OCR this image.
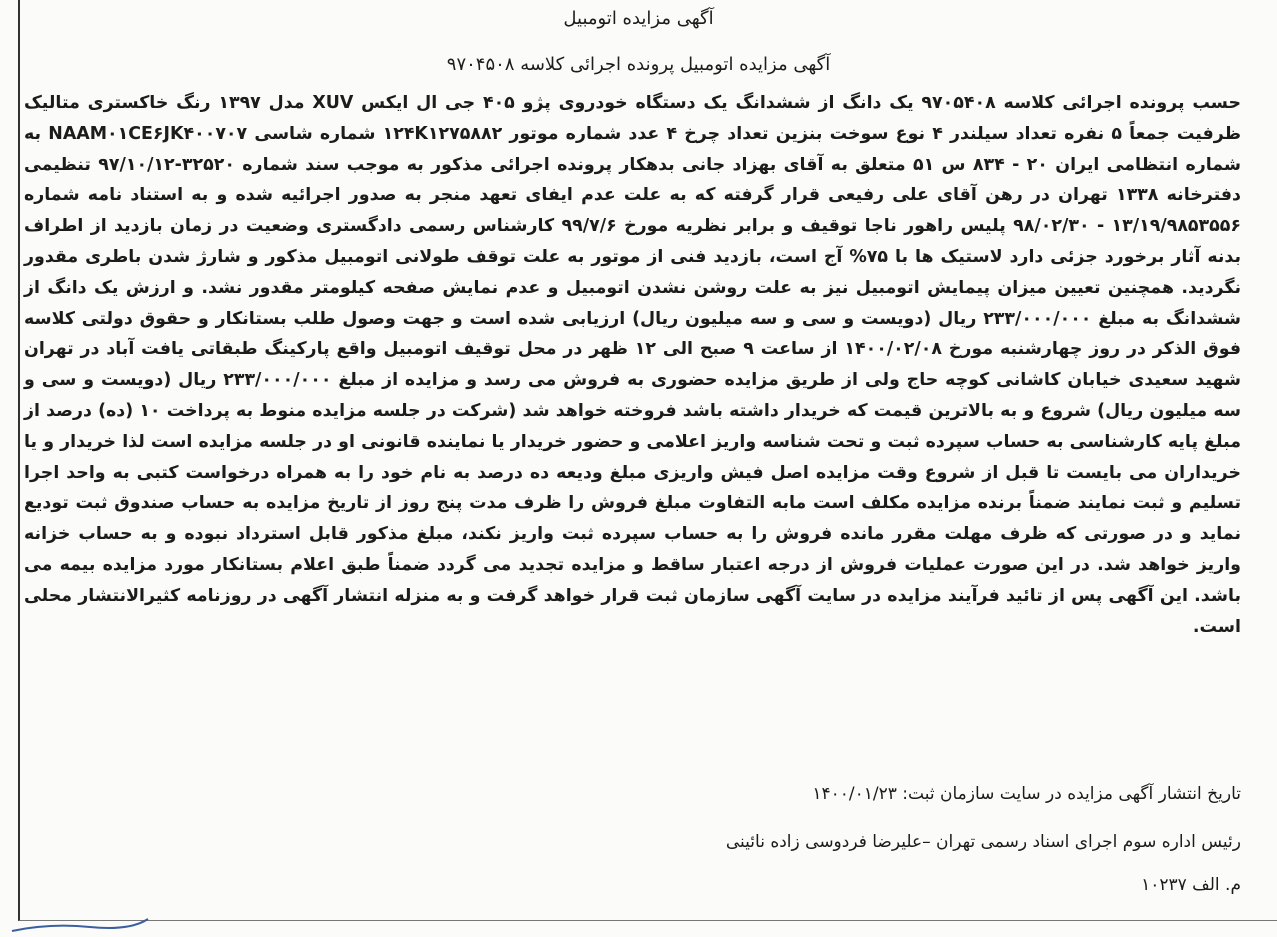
آگهی مزایده اتومبیل
آگهی مزایده اتومبیل پرونده اجرائی کلاسه ۹۷۰۴۵۰۸
حسب پرونده اجرائی کلاسه ۹۷۰۵۴۰۸ یک دانگ از ششدانگ یک دستگاه خودروی پژو ۴۰۵ جی ال ایکس XUV مدل ۱۳۹۷ رنگ خاکستری متالیک ظرفیت جمعاً ۵ نفره تعداد سیلندر ۴ نوع سوخت بنزین تعداد چرخ ۴ عدد شماره موتور ۱۲۴K۱۲۷۵۸۸۲ شماره شاسی NAAM۰۱CE۶JK۴۰۰۷۰۷ به شماره انتظامی ایران ۲۰ - ۸۳۴ س ۵۱ متعلق به آقای بهزاد جانی بدهکار پرونده اجرائی مذکور به موجب سند شماره ۳۲۵۲۰-۹۷/۱۰/۱۲ تنظیمی دفترخانه ۱۳۳۸ تهران در رهن آقای علی رفیعی قرار گرفته که به علت عدم ایفای تعهد منجر به صدور اجرائیه شده و به استناد نامه شماره ۱۳/۱۹/۹۸۵۳۵۵۶ - ۹۸/۰۲/۳۰ پلیس راهور ناجا توقیف و برابر نظریه مورخ ۹۹/۷/۶ کارشناس رسمی دادگستری وضعیت در زمان بازدید از اطراف بدنه آثار برخورد جزئی دارد لاستیک ها با ۷۵% آج است، بازدید فنی از موتور به علت توقف طولانی اتومبیل مذکور و شارژ شدن باطری مقدور نگردید. همچنین تعیین میزان پیمایش اتومبیل نیز به علت روشن نشدن اتومبیل و عدم نمایش صفحه کیلومتر مقدور نشد. و ارزش یک دانگ از ششدانگ به مبلغ ۲۳۳/۰۰۰/۰۰۰ ریال (دویست و سی و سه میلیون ریال) ارزیابی شده است و جهت وصول طلب بستانکار و حقوق دولتی کلاسه فوق الذکر در روز چهارشنبه مورخ ۱۴۰۰/۰۲/۰۸ از ساعت ۹ صبح الی ۱۲ ظهر در محل توقیف اتومبیل واقع پارکینگ طبقاتی یافت آباد در تهران شهید سعیدی خیابان کاشانی کوچه حاج ولی از طریق مزایده حضوری به فروش می رسد و مزایده از مبلغ ۲۳۳/۰۰۰/۰۰۰ ریال (دویست و سی و سه میلیون ریال) شروع و به بالاترین قیمت که خریدار داشته باشد فروخته خواهد شد (شرکت در جلسه مزایده منوط به پرداخت ۱۰ (ده) درصد از مبلغ پایه کارشناسی به حساب سپرده ثبت و تحت شناسه واریز اعلامی و حضور خریدار یا نماینده قانونی او در جلسه مزایده است لذا خریدار و یا خریداران می بایست تا قبل از شروع وقت مزایده اصل فیش واریزی مبلغ ودیعه ده درصد به نام خود را به همراه درخواست کتبی به واحد اجرا تسلیم و ثبت نمایند ضمناً برنده مزایده مکلف است مابه التفاوت مبلغ فروش را ظرف مدت پنج روز از تاریخ مزایده به حساب صندوق ثبت تودیع نماید و در صورتی که ظرف مهلت مقرر مانده فروش را به حساب سپرده ثبت واریز نکند، مبلغ مذکور قابل استرداد نبوده و به حساب خزانه واریز خواهد شد. در این صورت عملیات فروش از درجه اعتبار ساقط و مزایده تجدید می گردد ضمناً طبق اعلام بستانکار مورد مزایده بیمه می باشد. این آگهی پس از تائید فرآیند مزایده در سایت آگهی سازمان ثبت قرار خواهد گرفت و به منزله انتشار آگهی در روزنامه کثیرالانتشار محلی است.
تاریخ انتشار آگهی مزایده در سایت سازمان ثبت: ۱۴۰۰/۰۱/۲۳
رئیس اداره سوم اجرای اسناد رسمی تهران –علیرضا فردوسی زاده نائینی
م. الف ۱۰۲۳۷
